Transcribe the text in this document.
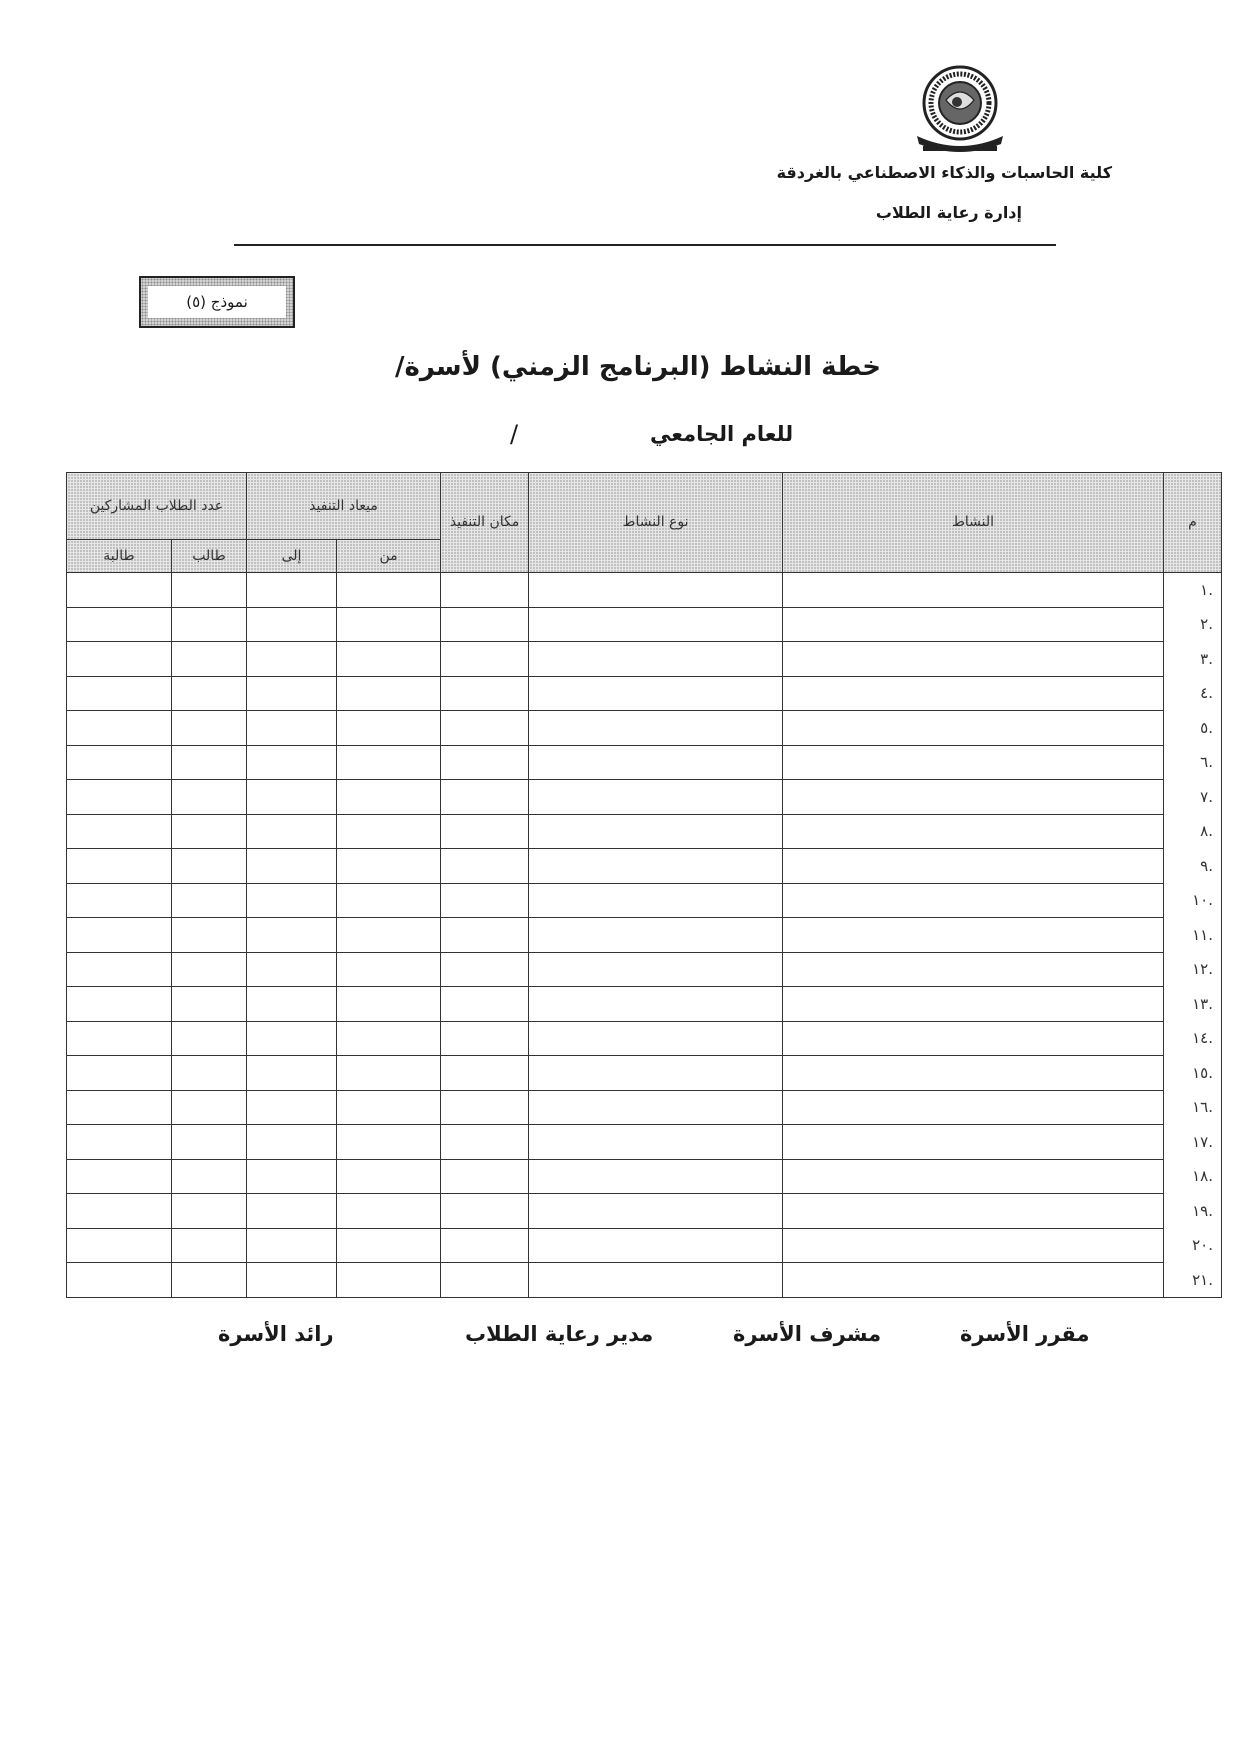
كلية الحاسبات والذكاء الاصطناعي بالغردقة
إدارة رعاية الطلاب
نموذج (٥)
خطة النشاط (البرنامج الزمني) لأسرة/
للعام الجامعي
/
م	النشاط	نوع النشاط	مكان التنفيذ	ميعاد التنفيذ		عدد الطلاب المشاركين	
				من	إلى	طالب	طالبة
.١							
.٢							
.٣							
.٤							
.٥							
.٦							
.٧							
.٨							
.٩							
.١٠							
.١١							
.١٢							
.١٣							
.١٤							
.١٥							
.١٦							
.١٧							
.١٨							
.١٩							
.٢٠							
.٢١							
مقرر الأسرة
مشرف الأسرة
مدير رعاية الطلاب
رائد الأسرة
